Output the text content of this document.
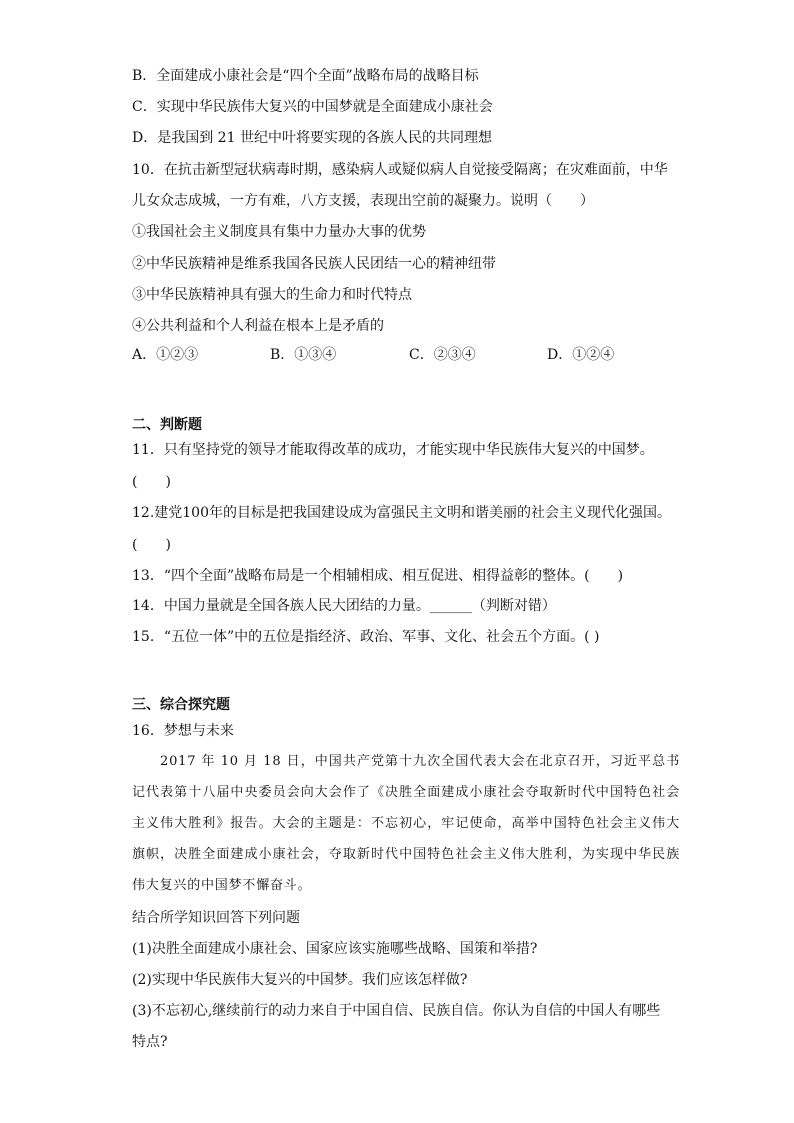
B．全面建成小康社会是“四个全面”战略布局的战略目标
C．实现中华民族伟大复兴的中国梦就是全面建成小康社会
D．是我国到 21 世纪中叶将要实现的各族人民的共同理想
10．在抗击新型冠状病毒时期，感染病人或疑似病人自觉接受隔离；在灾难面前，中华
儿女众志成城，一方有难，八方支援，表现出空前的凝聚力。说明（　　）
①我国社会主义制度具有集中力量办大事的优势
②中华民族精神是维系我国各民族人民团结一心的精神纽带
③中华民族精神具有强大的生命力和时代特点
④公共利益和个人利益在根本上是矛盾的
A．①②③	B．①③④	C．②③④	D．①②④
二、判断题
11．只有坚持党的领导才能取得改革的成功，才能实现中华民族伟大复兴的中国梦。
(　　)
12.建党100年的目标是把我国建设成为富强民主文明和谐美丽的社会主义现代化强国。
(　　)
13．“四个全面”战略布局是一个相辅相成、相互促进、相得益彰的整体。(　　)
14．中国力量就是全国各族人民大团结的力量。______（判断对错）
15．“五位一体”中的五位是指经济、政治、军事、文化、社会五个方面。( )
三、综合探究题
16．梦想与未来
2017 年 10 月 18 日，中国共产党第十九次全国代表大会在北京召开，习近平总书记代表第十八届中央委员会向大会作了《决胜全面建成小康社会夺取新时代中国特色社会主义伟大胜利》报告。大会的主题是：不忘初心，牢记使命，高举中国特色社会主义伟大旗帜，决胜全面建成小康社会，夺取新时代中国特色社会主义伟大胜利，为实现中华民族伟大复兴的中国梦不懈奋斗。
结合所学知识回答下列问题
(1)决胜全面建成小康社会、国家应该实施哪些战略、国策和举措?
(2)实现中华民族伟大复兴的中国梦。我们应该怎样做?
(3)不忘初心,继续前行的动力来自于中国自信、民族自信。你认为自信的中国人有哪些特点?
